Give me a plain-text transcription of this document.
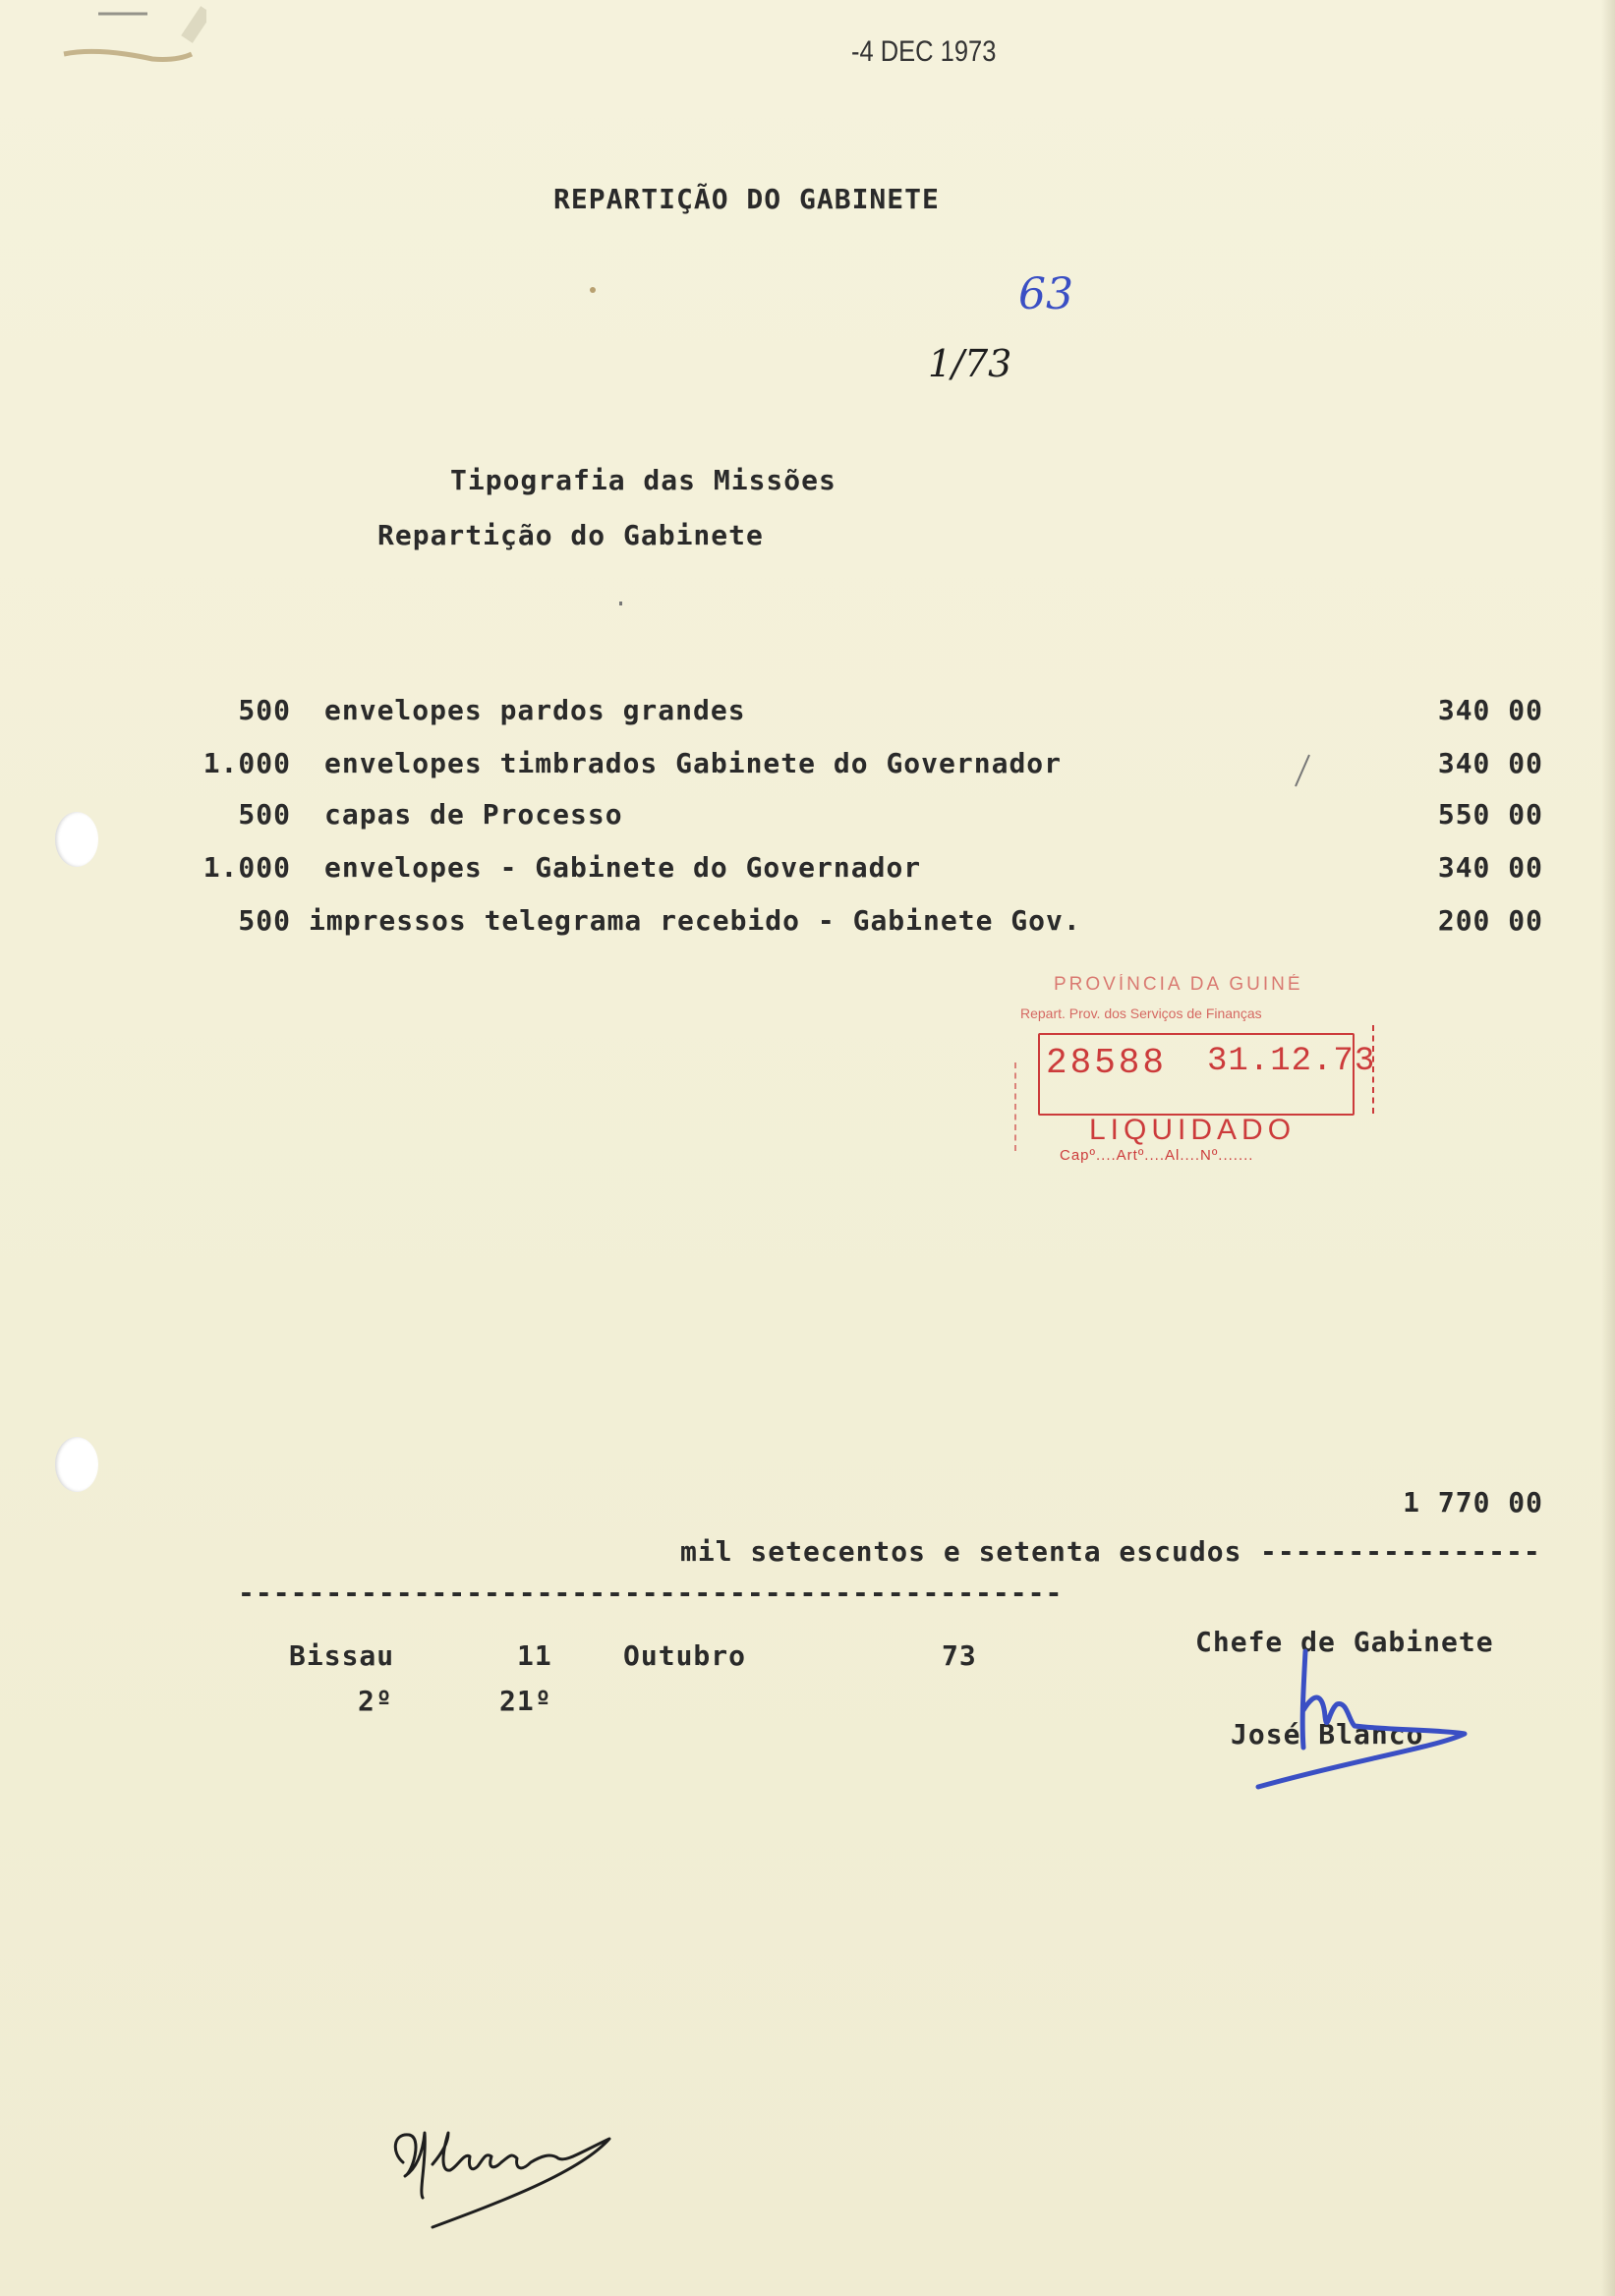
-4 DEC 1973
REPARTIÇÃO DO GABINETE
63
1/73
Tipografia das Missões
Repartição do Gabinete
500 envelopes pardos grandes	340 00
1.000 envelopes timbrados Gabinete do Governador	340 00
500 capas de Processo	550 00
1.000 envelopes - Gabinete do Governador	340 00
500 impressos telegrama recebido - Gabinete Gov.	200 00
PROVÍNCIA DA GUINÉ
Repart. Prov. dos Serviços de Finanças
28588 31.12.73
LIQUIDADO
Capº....Artº....Al....Nº.......
1 770 00
mil setecentos e setenta escudos ----------------
-----------------------------------------------
Bissau	11	Outubro	73
2º	21º
Chefe de Gabinete
José Blanco
